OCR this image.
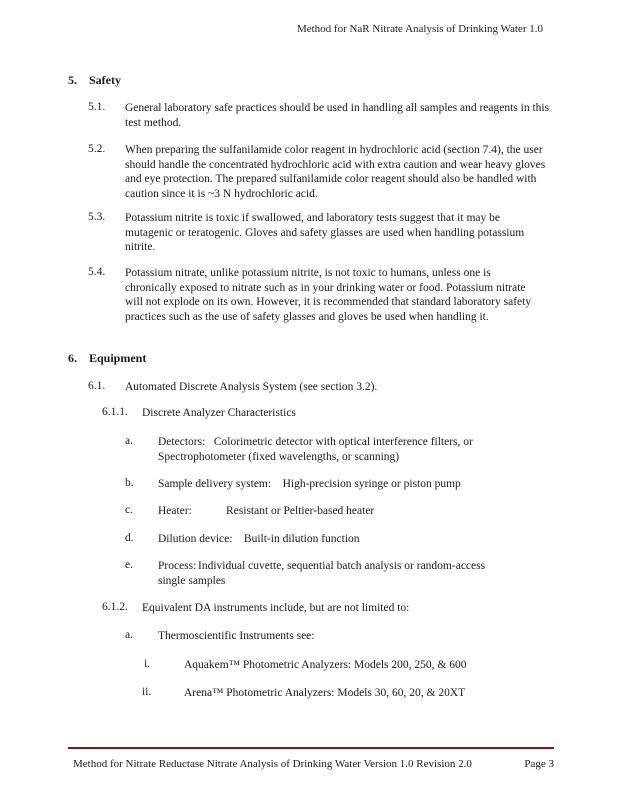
Method for NaR Nitrate Analysis of Drinking Water 1.0
5. Safety
5.1. General laboratory safe practices should be used in handling all samples and reagents in this test method.
5.2. When preparing the sulfanilamide color reagent in hydrochloric acid (section 7.4), the user should handle the concentrated hydrochloric acid with extra caution and wear heavy gloves and eye protection. The prepared sulfanilamide color reagent should also be handled with caution since it is ~3 N hydrochloric acid.
5.3. Potassium nitrite is toxic if swallowed, and laboratory tests suggest that it may be mutagenic or teratogenic. Gloves and safety glasses are used when handling potassium nitrite.
5.4. Potassium nitrate, unlike potassium nitrite, is not toxic to humans, unless one is chronically exposed to nitrate such as in your drinking water or food. Potassium nitrate will not explode on its own. However, it is recommended that standard laboratory safety practices such as the use of safety glasses and gloves be used when handling it.
6. Equipment
6.1. Automated Discrete Analysis System (see section 3.2).
6.1.1. Discrete Analyzer Characteristics
a. Detectors: Colorimetric detector with optical interference filters, or
Spectrophotometer (fixed wavelengths, or scanning)
b. Sample delivery system: High-precision syringe or piston pump
c. Heater:	Resistant or Peltier-based heater
d. Dilution device: Built-in dilution function
e. Process: Individual cuvette, sequential batch analysis or random-access
single samples
6.1.2. Equivalent DA instruments include, but are not limited to:
a. Thermoscientific Instruments see:
i.	Aquakem™ Photometric Analyzers: Models 200, 250, & 600
ii.	Arena™ Photometric Analyzers: Models 30, 60, 20, & 20XT
Method for Nitrate Reductase Nitrate Analysis of Drinking Water Version 1.0 Revision 2.0	Page 3
